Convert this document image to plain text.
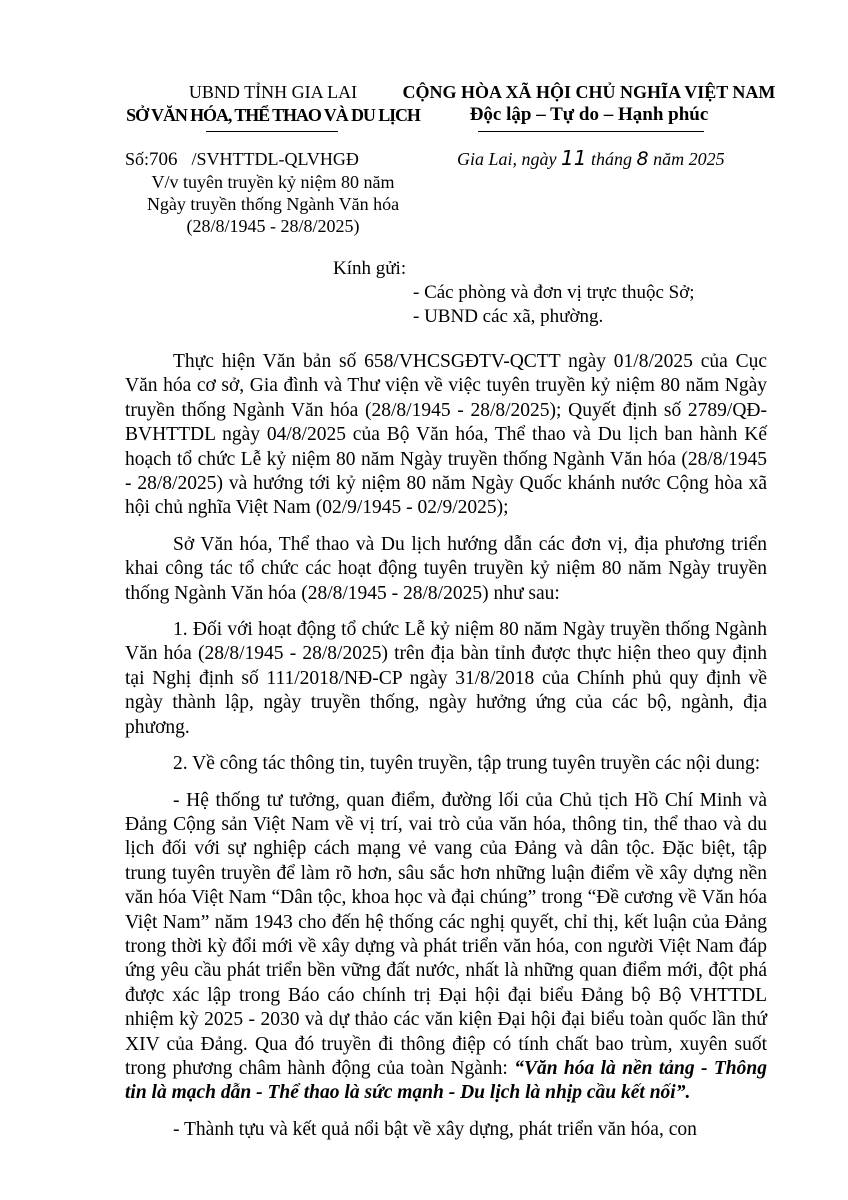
UBND TỈNH GIA LAI
SỞ VĂN HÓA, THỂ THAO VÀ DU LỊCH
CỘNG HÒA XÃ HỘI CHỦ NGHĨA VIỆT NAM
Độc lập – Tự do – Hạnh phúc
Số:706 /SVHTTDL-QLVHGĐ
V/v tuyên truyền kỷ niệm 80 năm
Ngày truyền thống Ngành Văn hóa
(28/8/1945 - 28/8/2025)
Gia Lai, ngày 11 tháng 8 năm 2025
Kính gửi:
- Các phòng và đơn vị trực thuộc Sở;
- UBND các xã, phường.

Thực hiện Văn bản số 658/VHCSGĐTV-QCTT ngày 01/8/2025 của Cục Văn hóa cơ sở, Gia đình và Thư viện về việc tuyên truyền kỷ niệm 80 năm Ngày truyền thống Ngành Văn hóa (28/8/1945 - 28/8/2025); Quyết định số 2789/QĐ-BVHTTDL ngày 04/8/2025 của Bộ Văn hóa, Thể thao và Du lịch ban hành Kế hoạch tổ chức Lễ kỷ niệm 80 năm Ngày truyền thống Ngành Văn hóa (28/8/1945 - 28/8/2025) và hướng tới kỷ niệm 80 năm Ngày Quốc khánh nước Cộng hòa xã hội chủ nghĩa Việt Nam (02/9/1945 - 02/9/2025);

Sở Văn hóa, Thể thao và Du lịch hướng dẫn các đơn vị, địa phương triển khai công tác tổ chức các hoạt động tuyên truyền kỷ niệm 80 năm Ngày truyền thống Ngành Văn hóa (28/8/1945 - 28/8/2025) như sau:

1. Đối với hoạt động tổ chức Lễ kỷ niệm 80 năm Ngày truyền thống Ngành Văn hóa (28/8/1945 - 28/8/2025) trên địa bàn tỉnh được thực hiện theo quy định tại Nghị định số 111/2018/NĐ-CP ngày 31/8/2018 của Chính phủ quy định về ngày thành lập, ngày truyền thống, ngày hưởng ứng của các bộ, ngành, địa phương.

2. Về công tác thông tin, tuyên truyền, tập trung tuyên truyền các nội dung:

- Hệ thống tư tưởng, quan điểm, đường lối của Chủ tịch Hồ Chí Minh và Đảng Cộng sản Việt Nam về vị trí, vai trò của văn hóa, thông tin, thể thao và du lịch đối với sự nghiệp cách mạng vẻ vang của Đảng và dân tộc. Đặc biệt, tập trung tuyên truyền để làm rõ hơn, sâu sắc hơn những luận điểm về xây dựng nền văn hóa Việt Nam “Dân tộc, khoa học và đại chúng” trong “Đề cương về Văn hóa Việt Nam” năm 1943 cho đến hệ thống các nghị quyết, chỉ thị, kết luận của Đảng trong thời kỳ đổi mới về xây dựng và phát triển văn hóa, con người Việt Nam đáp ứng yêu cầu phát triển bền vững đất nước, nhất là những quan điểm mới, đột phá được xác lập trong Báo cáo chính trị Đại hội đại biểu Đảng bộ Bộ VHTTDL nhiệm kỳ 2025 - 2030 và dự thảo các văn kiện Đại hội đại biểu toàn quốc lần thứ XIV của Đảng. Qua đó truyền đi thông điệp có tính chất bao trùm, xuyên suốt trong phương châm hành động của toàn Ngành: “Văn hóa là nền tảng - Thông tin là mạch dẫn - Thể thao là sức mạnh - Du lịch là nhịp cầu kết nối”.

- Thành tựu và kết quả nổi bật về xây dựng, phát triển văn hóa, con
